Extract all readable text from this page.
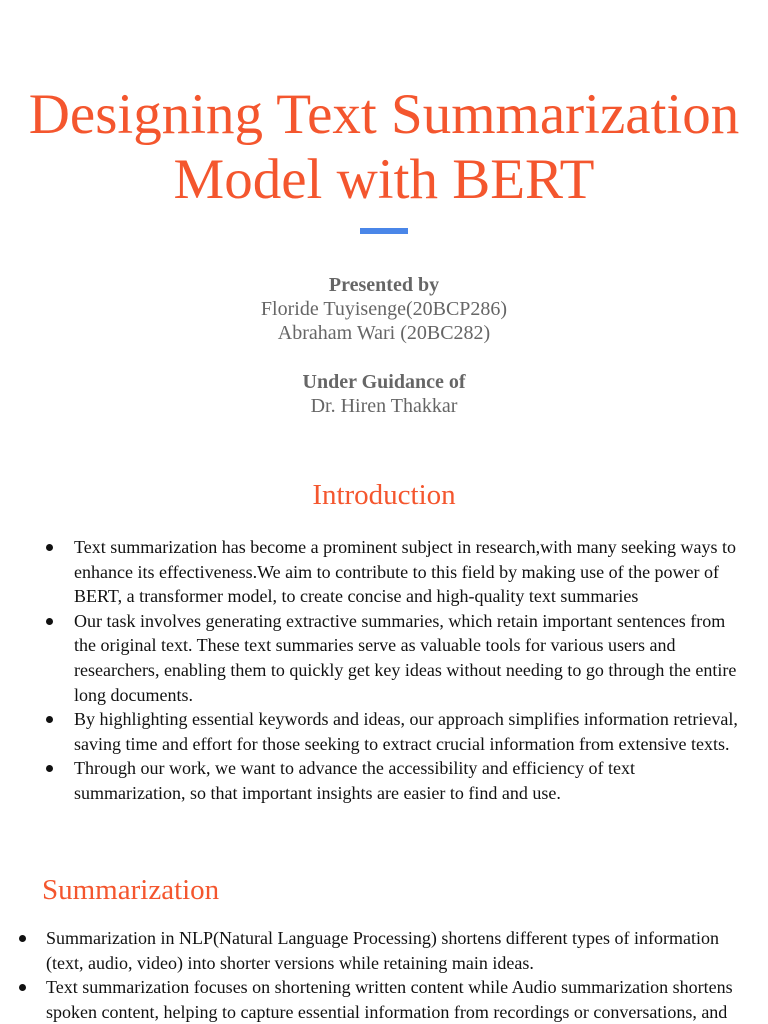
Designing Text Summarization
Model with BERT
Presented by
Floride Tuyisenge(20BCP286)
Abraham Wari (20BC282)
Under Guidance of
Dr. Hiren Thakkar
Introduction
Text summarization has become a prominent subject in research,with many seeking ways to enhance its effectiveness.We aim to contribute to this field by making use of the power of BERT, a transformer model, to create concise and high-quality text summaries
Our task involves generating extractive summaries, which retain important sentences from the original text. These text summaries serve as valuable tools for various users and researchers, enabling them to quickly get key ideas without needing to go through the entire long documents.
By highlighting essential keywords and ideas, our approach simplifies information retrieval, saving time and effort for those seeking to extract crucial information from extensive texts.
Through our work, we want to advance the accessibility and efficiency of text summarization, so that important insights are easier to find and use.
Summarization
Summarization in NLP(Natural Language Processing) shortens different types of information (text, audio, video) into shorter versions while retaining main ideas.
Text summarization focuses on shortening written content while Audio summarization shortens spoken content, helping to capture essential information from recordings or conversations, and
